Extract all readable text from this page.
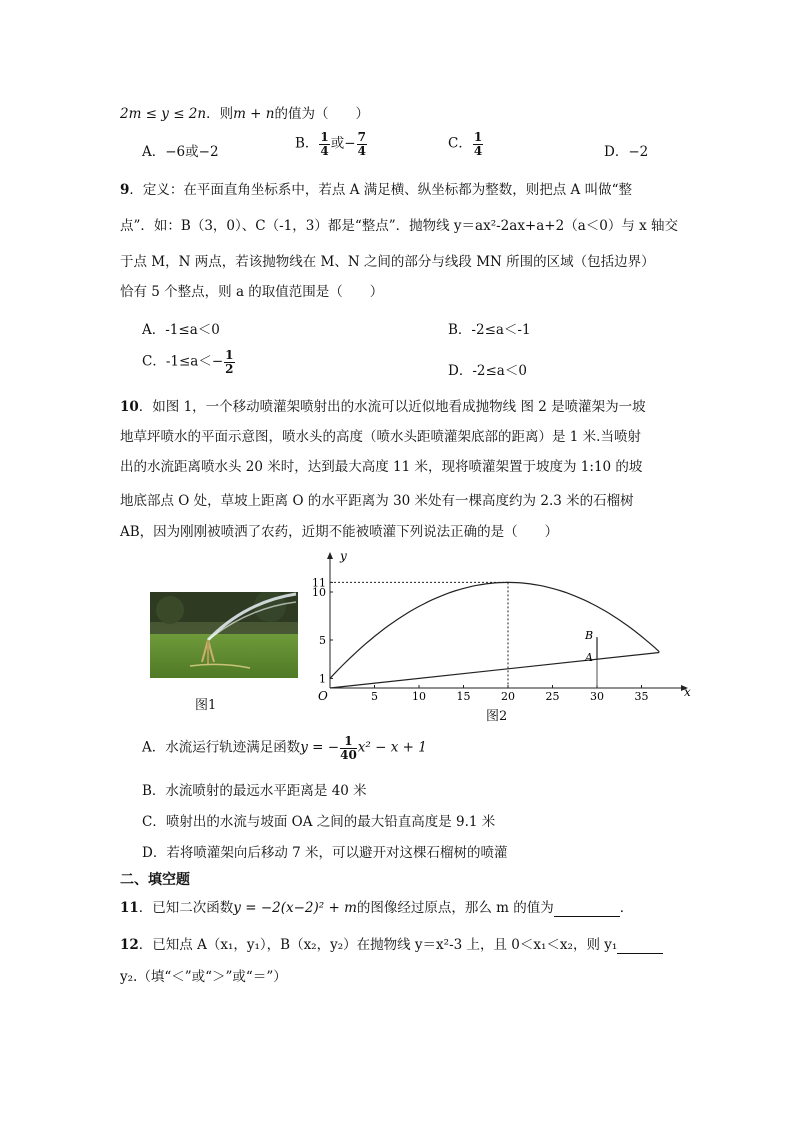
2m ≤ y ≤ 2n．则m + n的值为（　　）
A．−6或−2
B． $\frac{1}{4}$ 或− $\frac{7}{4}$	C． $\frac{1}{4}$	D．−2
9．定义：在平面直角坐标系中，若点 A 满足横、纵坐标都为整数，则把点 A 叫做“整
点”．如：B（3，0）、C（-1，3）都是“整点”．抛物线 y＝ax²-2ax+a+2（a＜0）与 x 轴交
于点 M，N 两点，若该抛物线在 M、N 之间的部分与线段 MN 所围的区域（包括边界）
恰有 5 个整点，则 a 的取值范围是（　　）
A．-1≤a＜0	B．-2≤a＜-1
C．$-1\le a<- \frac{1}{2}$	D．-2≤a＜0
10．如图 1，一个移动喷灌架喷射出的水流可以近似地看成抛物线 图 2 是喷灌架为一坡
地草坪喷水的平面示意图，喷水头的高度（喷水头距喷灌架底部的距离）是 1 米.当喷射
出的水流距离喷水头 20 米时，达到最大高度 11 米，现将喷灌架置于坡度为 1:10 的坡
地底部点 O 处，草坡上距离 O 的水平距离为 30 米处有一棵高度约为 2.3 米的石榴树
AB，因为刚刚被喷洒了农药，近期不能被喷灌下列说法正确的是（　　）
图1
5	10	15	20	25	30	35
1
5
10
11
x
y
O
A
B
图2
A．水流运行轨迹满足函数y = − $\frac{1}{40} x^2 - x + 1$
B．水流喷射的最远水平距离是 40 米
C．喷射出的水流与坡面 OA 之间的最大铅直高度是 9.1 米
D．若将喷灌架向后移动 7 米，可以避开对这棵石榴树的喷灌
二、填空题
11．已知二次函数y = −2(x−2)² + m的图像经过原点，那么 m 的值为	．
12．已知点 A（x₁，y₁），B（x₂，y₂）在抛物线 y＝x²-3 上，且 0＜x₁＜x₂，则 y₁
y₂.（填“＜”或“＞”或“＝”）
